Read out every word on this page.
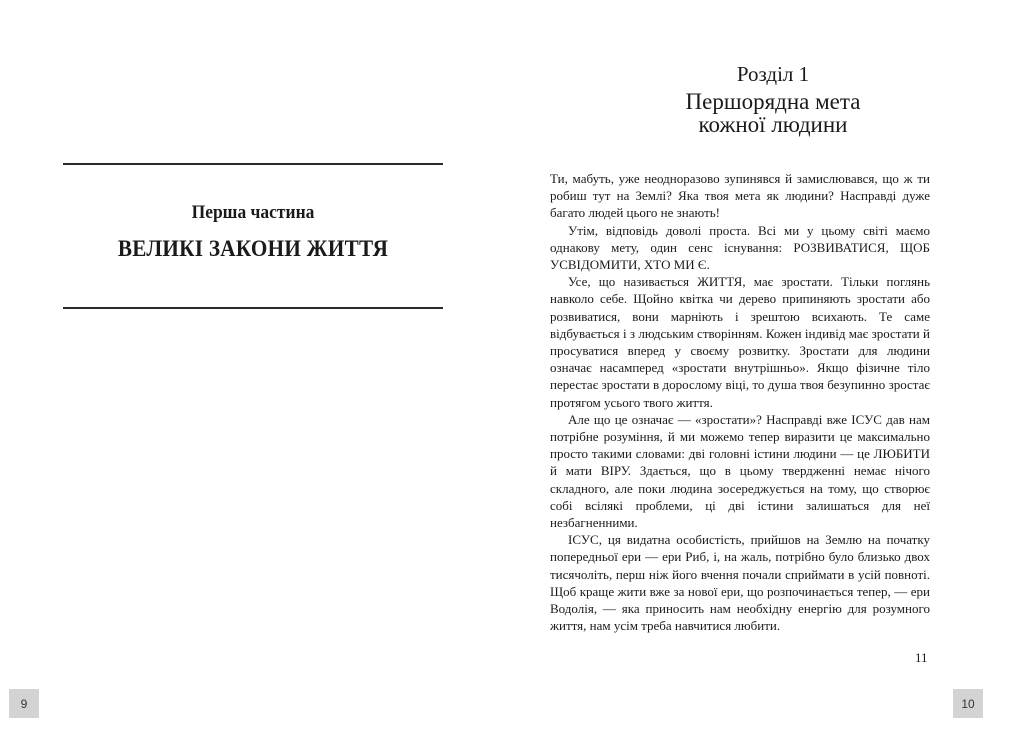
Перша частина
ВЕЛИКІ ЗАКОНИ ЖИТТЯ
Розділ 1
Першорядна мета
кожної людини

Ти, мабуть, уже неодноразово зупинявся й замислювався, що ж ти робиш тут на Землі? Яка твоя мета як людини? Насправді дуже багато людей цього не знають!

Утім, відповідь доволі проста. Всі ми у цьому світі маємо однакову мету, один сенс існування: РОЗВИВАТИСЯ, ЩОБ УСВІДОМИТИ, ХТО МИ Є.

Усе, що називається ЖИТТЯ, має зростати. Тільки поглянь навколо себе. Щойно квітка чи дерево припиняють зростати або розвиватися, вони марніють і зрештою всихають. Те саме відбувається і з людським створінням. Кожен індивід має зростати й просуватися вперед у своєму розвитку. Зростати для людини означає насамперед «зростати внутрішньо». Якщо фізичне тіло перестає зростати в дорослому віці, то душа твоя безупинно зростає протягом усього твого життя.

Але що це означає — «зростати»? Насправді вже ІСУС дав нам потрібне розуміння, й ми можемо тепер виразити це максимально просто такими словами: дві головні істини людини — це ЛЮБИТИ й мати ВІРУ. Здається, що в цьому твердженні немає нічого складного, але поки людина зосереджується на тому, що створює собі всілякі проблеми, ці дві істини залишаться для неї незбагненними.

ІСУС, ця видатна особистість, прийшов на Землю на початку попередньої ери — ери Риб, і, на жаль, потрібно було близько двох тисячоліть, перш ніж його вчення почали сприймати в усій повноті. Щоб краще жити вже за нової ери, що розпочинається тепер, — ери Водолія, — яка приносить нам необхідну енергію для розумного життя, нам усім треба навчитися любити.

11
9	10
